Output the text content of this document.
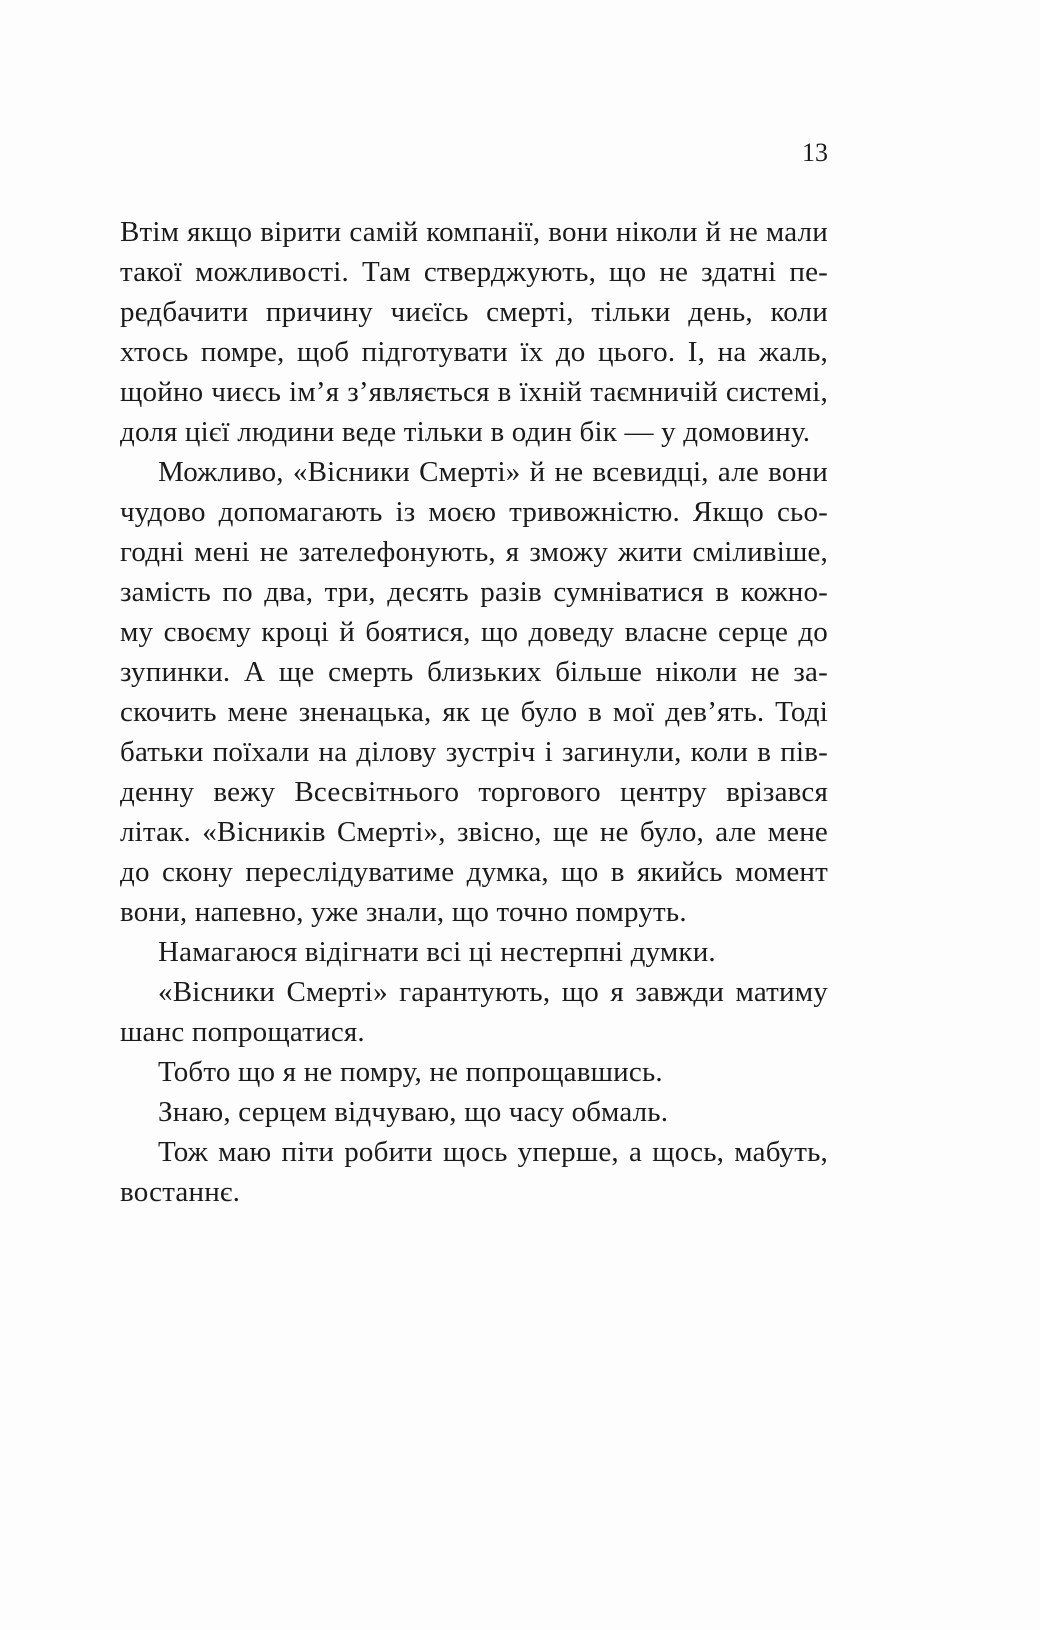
13
Втім якщо вірити самій компанії, вони ніколи й не мали
такої можливості. Там стверджують, що не здатні пе-
редбачити причину чиєїсь смерті, тільки день, коли
хтось помре, щоб підготувати їх до цього. І, на жаль,
щойно чиєсь ім’я з’являється в їхній таємничій системі,
доля цієї людини веде тільки в один бік — у домовину.
Можливо, «Вісники Смерті» й не всевидці, але вони
чудово допомагають із моєю тривожністю. Якщо сьо-
годні мені не зателефонують, я зможу жити сміливіше,
замість по два, три, десять разів сумніватися в кожно-
му своєму кроці й боятися, що доведу власне серце до
зупинки. А ще смерть близьких більше ніколи не за-
скочить мене зненацька, як це було в мої дев’ять. Тоді
батьки поїхали на ділову зустріч і загинули, коли в пів-
денну вежу Всесвітнього торгового центру врізався
літак. «Вісників Смерті», звісно, ще не було, але мене
до скону переслідуватиме думка, що в якийсь момент
вони, напевно, уже знали, що точно помруть.
Намагаюся відігнати всі ці нестерпні думки.
«Вісники Смерті» гарантують, що я завжди матиму
шанс попрощатися.
Тобто що я не помру, не попрощавшись.
Знаю, серцем відчуваю, що часу обмаль.
Тож маю піти робити щось уперше, а щось, мабуть,
востаннє.
